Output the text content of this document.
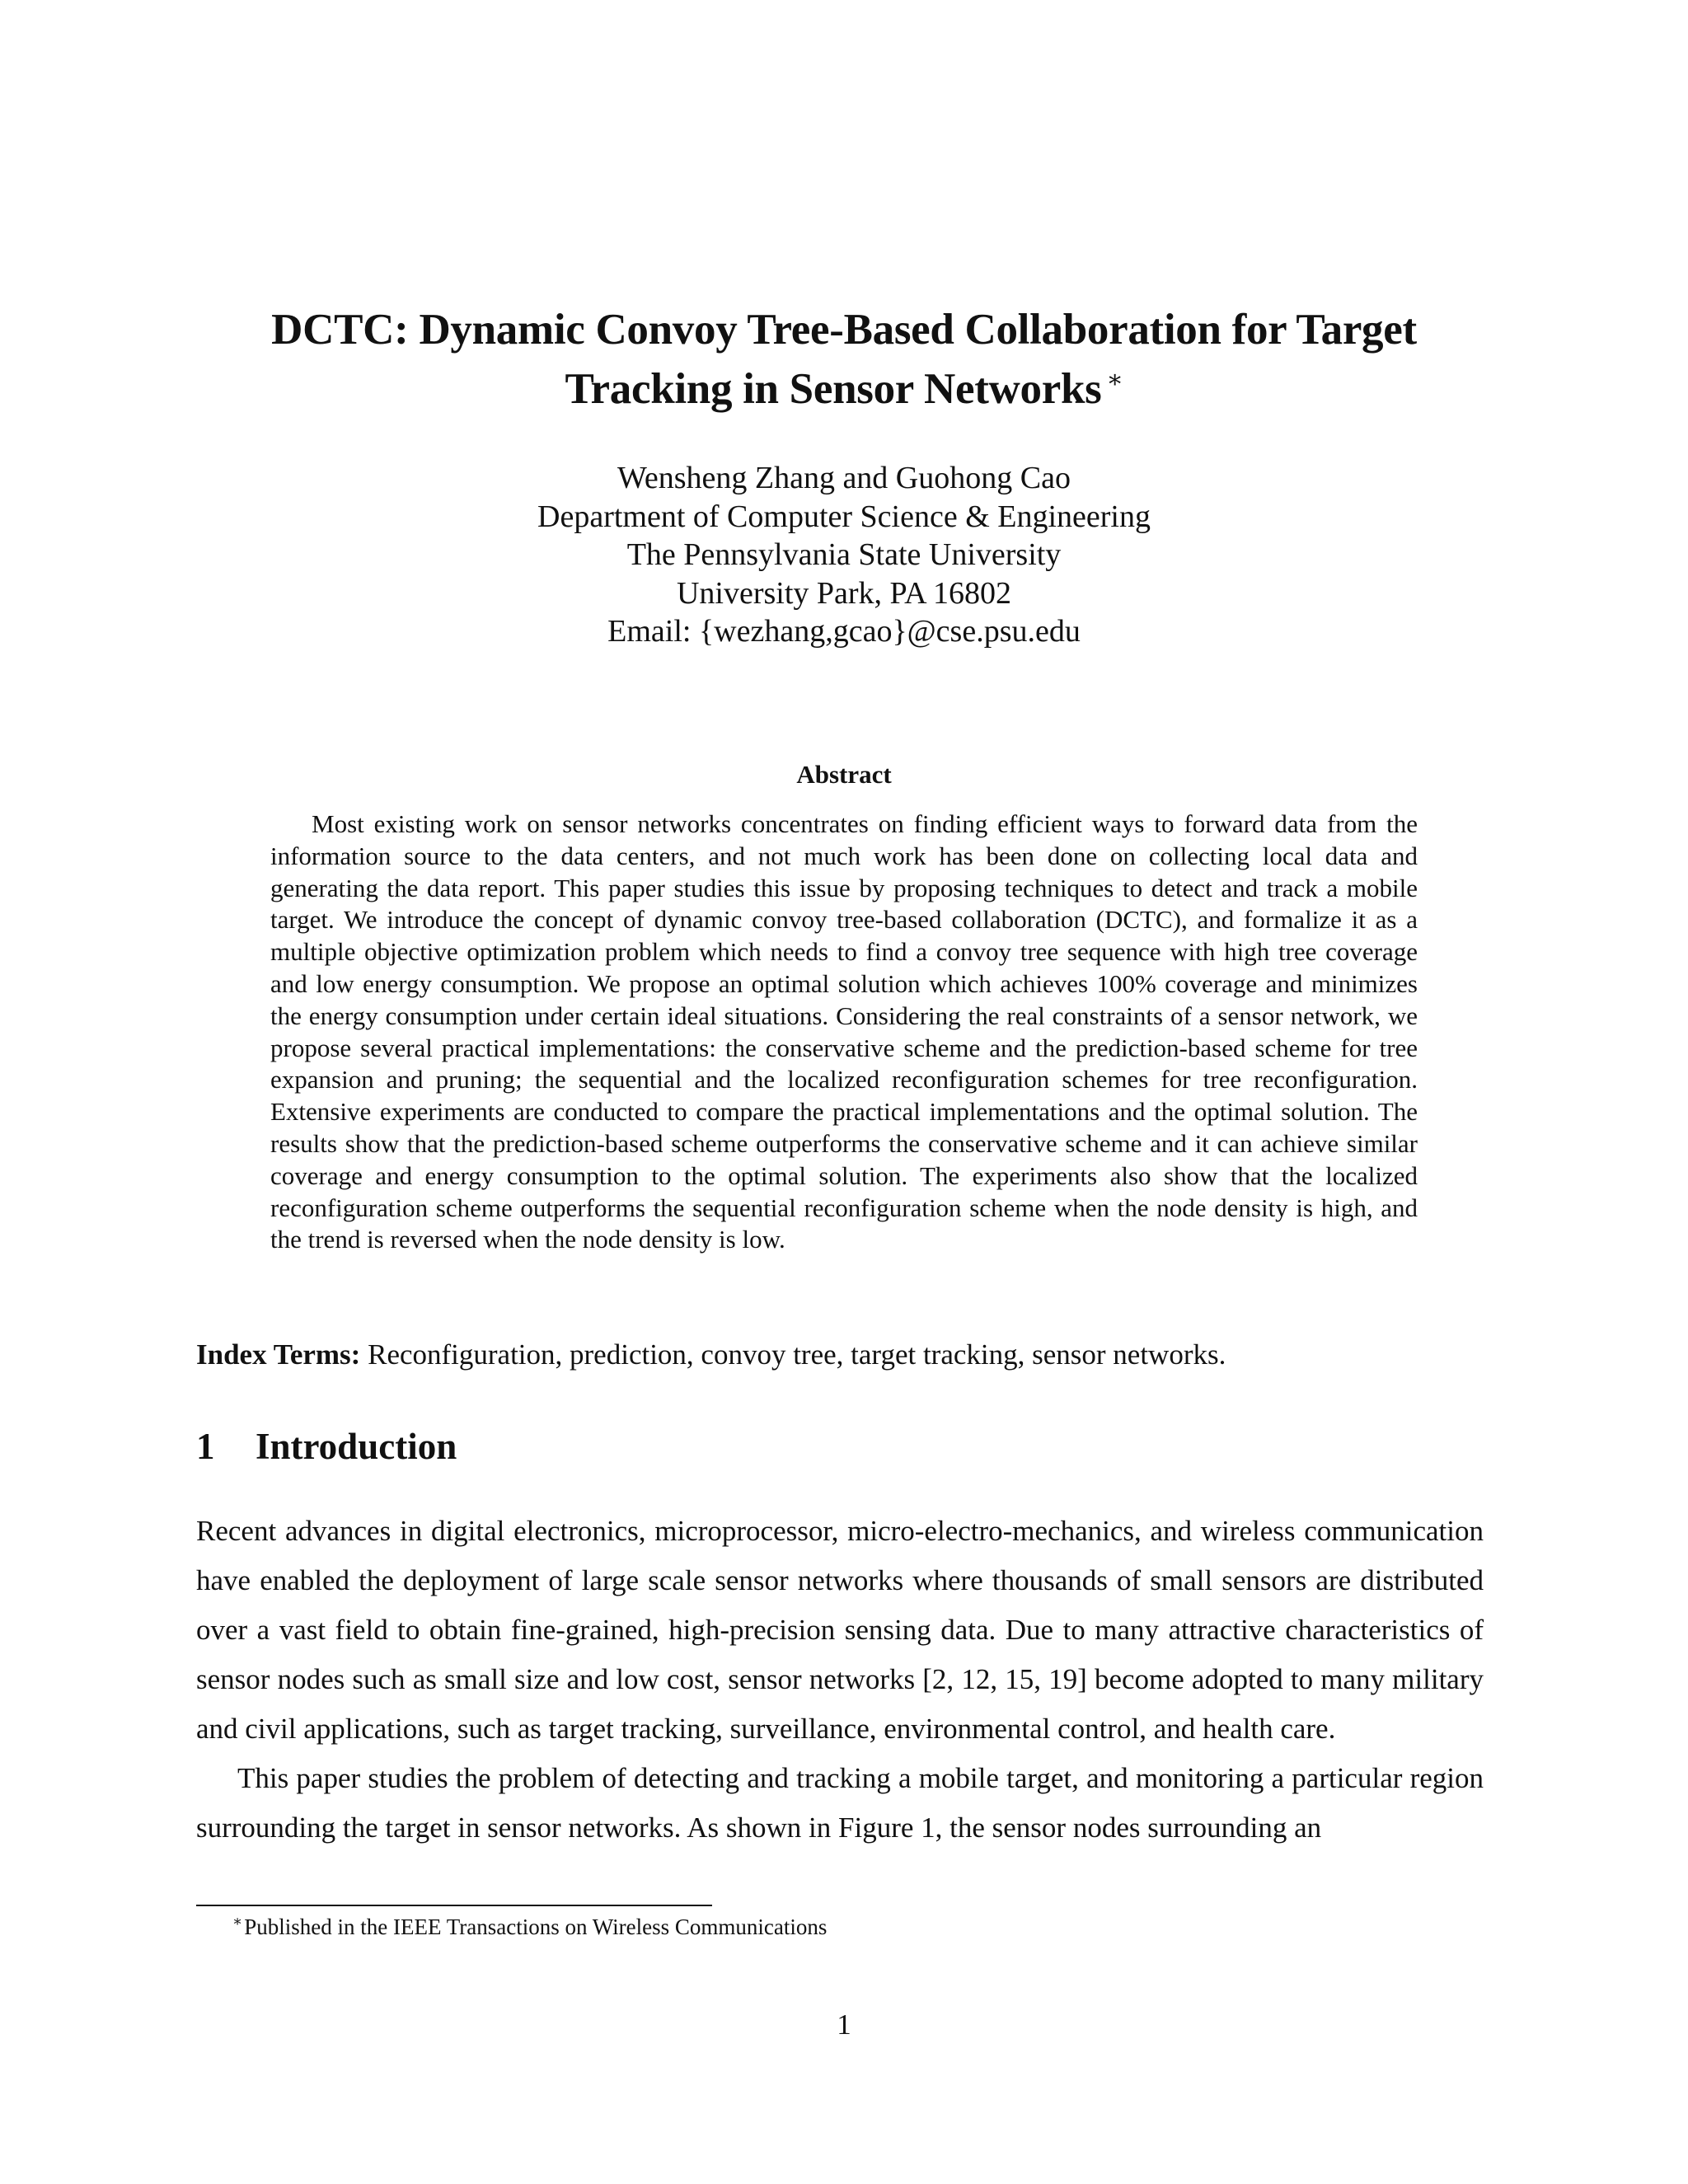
DCTC: Dynamic Convoy Tree-Based Collaboration for Target
Tracking in Sensor Networks ∗
Wensheng Zhang and Guohong Cao
Department of Computer Science & Engineering
The Pennsylvania State University
University Park, PA 16802
Email: {wezhang,gcao}@cse.psu.edu
Abstract
Most existing work on sensor networks concentrates on finding efficient ways to forward data from the information source to the data centers, and not much work has been done on collecting local data and generating the data report. This paper studies this issue by proposing techniques to detect and track a mobile target. We introduce the concept of dynamic convoy tree-based collaboration (DCTC), and formalize it as a multiple objective optimization problem which needs to find a convoy tree sequence with high tree coverage and low energy consumption. We propose an optimal solution which achieves 100% coverage and minimizes the energy consumption under certain ideal situations. Considering the real constraints of a sensor network, we propose several practical implementations: the conservative scheme and the prediction-based scheme for tree expansion and pruning; the sequential and the localized reconfiguration schemes for tree reconfiguration. Extensive experiments are conducted to compare the practical implementations and the optimal solution. The results show that the prediction-based scheme outperforms the conservative scheme and it can achieve similar coverage and energy consumption to the optimal solution. The experiments also show that the localized reconfiguration scheme outperforms the sequential reconfiguration scheme when the node density is high, and the trend is reversed when the node density is low.
Index Terms: Reconfiguration, prediction, convoy tree, target tracking, sensor networks.
1 Introduction

Recent advances in digital electronics, microprocessor, micro-electro-mechanics, and wireless communication have enabled the deployment of large scale sensor networks where thousands of small sensors are distributed over a vast field to obtain fine-grained, high-precision sensing data. Due to many attractive characteristics of sensor nodes such as small size and low cost, sensor networks [2, 12, 15, 19] become adopted to many military and civil applications, such as target tracking, surveillance, environmental control, and health care.

This paper studies the problem of detecting and tracking a mobile target, and monitoring a particular region surrounding the target in sensor networks. As shown in Figure 1, the sensor nodes surrounding an

∗Published in the IEEE Transactions on Wireless Communications
1
